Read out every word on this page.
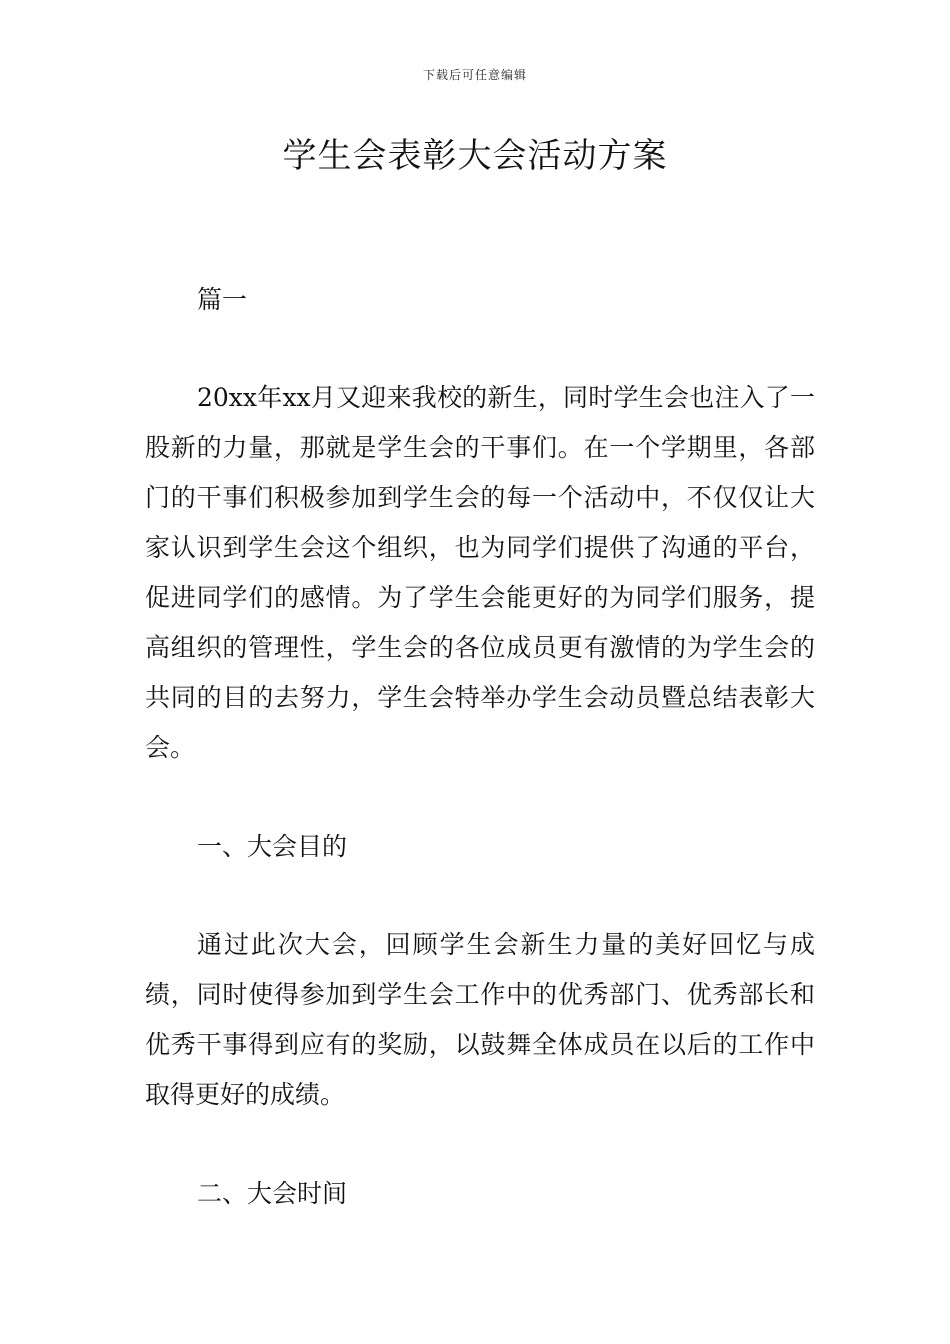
下载后可任意编辑
学生会表彰大会活动方案

篇一

20xx年xx月又迎来我校的新生，同时学生会也注入了一股新的力量，那就是学生会的干事们。在一个学期里，各部门的干事们积极参加到学生会的每一个活动中，不仅仅让大家认识到学生会这个组织，也为同学们提供了沟通的平台，促进同学们的感情。为了学生会能更好的为同学们服务，提高组织的管理性，学生会的各位成员更有激情的为学生会的共同的目的去努力，学生会特举办学生会动员暨总结表彰大会。

一、大会目的

通过此次大会，回顾学生会新生力量的美好回忆与成绩，同时使得参加到学生会工作中的优秀部门、优秀部长和优秀干事得到应有的奖励，以鼓舞全体成员在以后的工作中取得更好的成绩。

二、大会时间
